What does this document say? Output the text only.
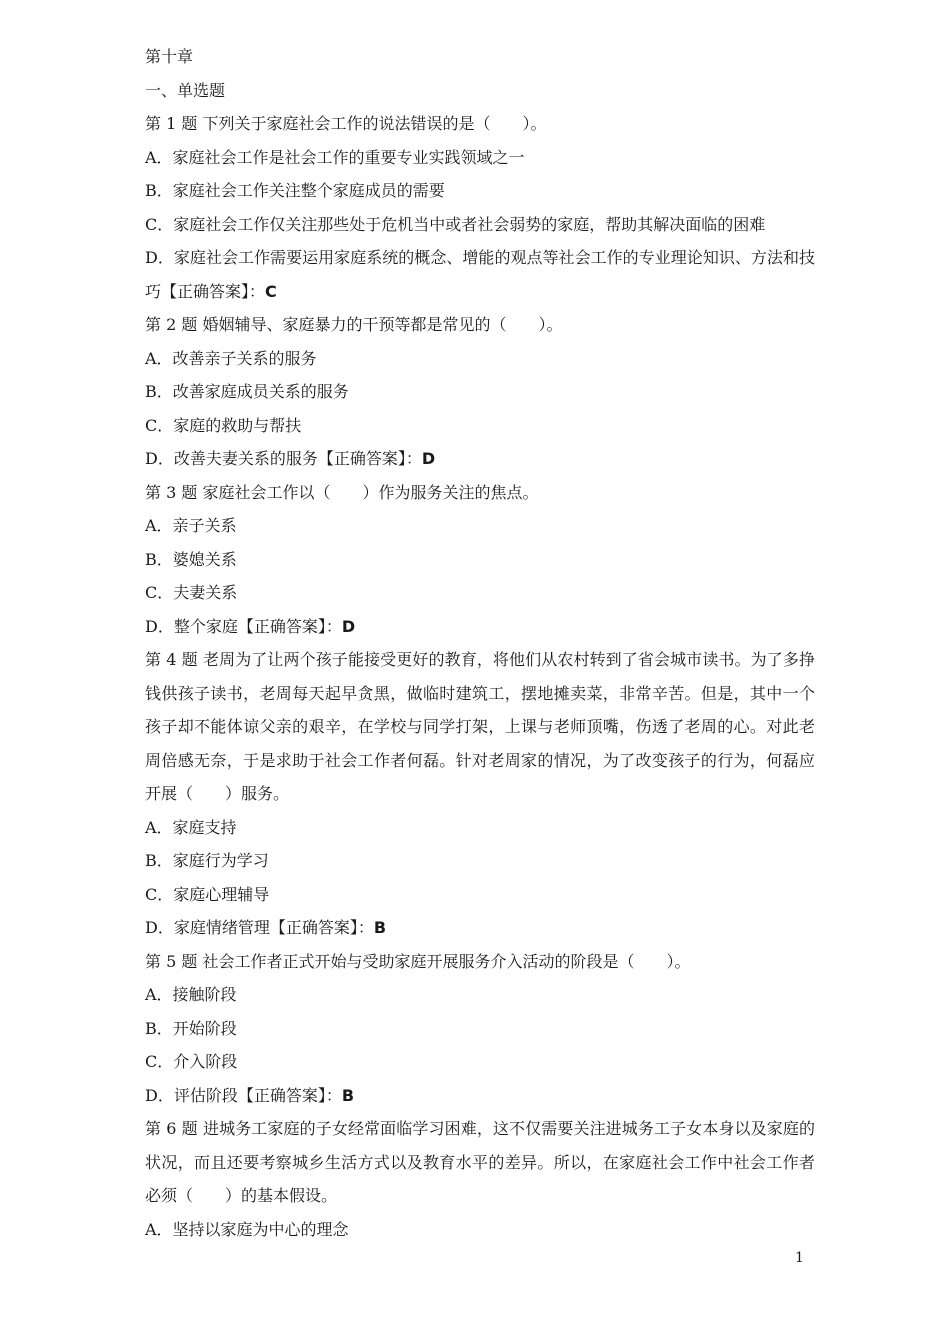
第十章

一、单选题

第 1 题 下列关于家庭社会工作的说法错误的是（　　）。

A．家庭社会工作是社会工作的重要专业实践领域之一

B．家庭社会工作关注整个家庭成员的需要

C．家庭社会工作仅关注那些处于危机当中或者社会弱势的家庭，帮助其解决面临的困难

D．家庭社会工作需要运用家庭系统的概念、增能的观点等社会工作的专业理论知识、方法和技巧【正确答案】：C

第 2 题 婚姻辅导、家庭暴力的干预等都是常见的（　　）。

A．改善亲子关系的服务

B．改善家庭成员关系的服务

C．家庭的救助与帮扶

D．改善夫妻关系的服务【正确答案】：D

第 3 题 家庭社会工作以（　　）作为服务关注的焦点。

A．亲子关系

B．婆媳关系

C．夫妻关系

D．整个家庭【正确答案】：D

第 4 题 老周为了让两个孩子能接受更好的教育，将他们从农村转到了省会城市读书。为了多挣钱供孩子读书，老周每天起早贪黑，做临时建筑工，摆地摊卖菜，非常辛苦。但是，其中一个孩子却不能体谅父亲的艰辛，在学校与同学打架，上课与老师顶嘴，伤透了老周的心。对此老周倍感无奈，于是求助于社会工作者何磊。针对老周家的情况，为了改变孩子的行为，何磊应开展（　　）服务。

A．家庭支持

B．家庭行为学习

C．家庭心理辅导

D．家庭情绪管理【正确答案】：B

第 5 题 社会工作者正式开始与受助家庭开展服务介入活动的阶段是（　　）。

A．接触阶段

B．开始阶段

C．介入阶段

D．评估阶段【正确答案】：B

第 6 题 进城务工家庭的子女经常面临学习困难，这不仅需要关注进城务工子女本身以及家庭的状况，而且还要考察城乡生活方式以及教育水平的差异。所以，在家庭社会工作中社会工作者必须（　　）的基本假设。

A．坚持以家庭为中心的理念

1
